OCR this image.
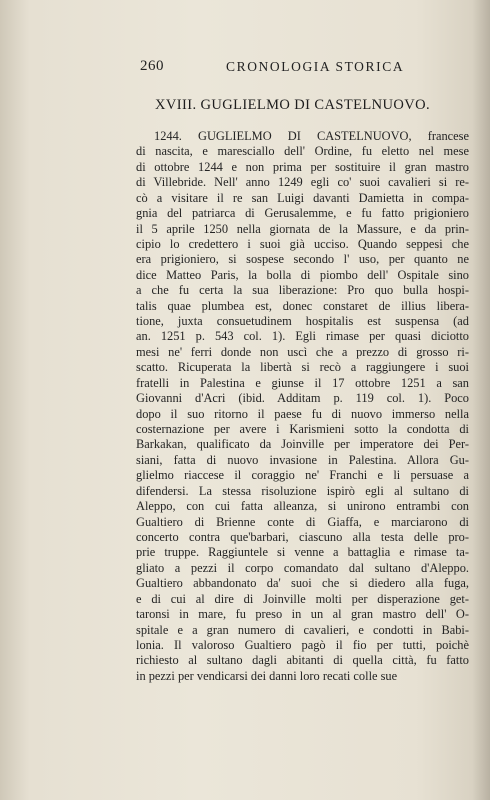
260	CRONOLOGIA STORICA
XVIII. GUGLIELMO DI CASTELNUOVO.
1244. GUGLIELMO DI CASTELNUOVO, francese
di nascita, e maresciallo dell' Ordine, fu eletto nel mese
di ottobre 1244 e non prima per sostituire il gran mastro
di Villebride. Nell' anno 1249 egli co' suoi cavalieri si re-
cò a visitare il re san Luigi davanti Damietta in compa-
gnia del patriarca di Gerusalemme, e fu fatto prigioniero
il 5 aprile 1250 nella giornata de la Massure, e da prin-
cipio lo credettero i suoi già ucciso. Quando seppesi che
era prigioniero, si sospese secondo l' uso, per quanto ne
dice Matteo Paris, la bolla di piombo dell' Ospitale sino
a che fu certa la sua liberazione: Pro quo bulla hospi-
talis quae plumbea est, donec constaret de illius libera-
tione, juxta consuetudinem hospitalis est suspensa (ad
an. 1251 p. 543 col. 1). Egli rimase per quasi diciotto
mesi ne' ferri donde non uscì che a prezzo di grosso ri-
scatto. Ricuperata la libertà si recò a raggiungere i suoi
fratelli in Palestina e giunse il 17 ottobre 1251 a san
Giovanni d'Acri (ibid. Additam p. 119 col. 1). Poco
dopo il suo ritorno il paese fu di nuovo immerso nella
costernazione per avere i Karismieni sotto la condotta di
Barkakan, qualificato da Joinville per imperatore dei Per-
siani, fatta di nuovo invasione in Palestina. Allora Gu-
glielmo riaccese il coraggio ne' Franchi e li persuase a
difendersi. La stessa risoluzione ispirò egli al sultano di
Aleppo, con cui fatta alleanza, si unirono entrambi con
Gualtiero di Brienne conte di Giaffa, e marciarono di
concerto contra que'barbari, ciascuno alla testa delle pro-
prie truppe. Raggiuntele si venne a battaglia e rimase ta-
gliato a pezzi il corpo comandato dal sultano d'Aleppo.
Gualtiero abbandonato da' suoi che si diedero alla fuga,
e di cui al dire di Joinville molti per disperazione get-
taronsi in mare, fu preso in un al gran mastro dell' O-
spitale e a gran numero di cavalieri, e condotti in Babi-
lonia. Il valoroso Gualtiero pagò il fio per tutti, poichè
richiesto al sultano dagli abitanti di quella città, fu fatto
in pezzi per vendicarsi dei danni loro recati colle sue
